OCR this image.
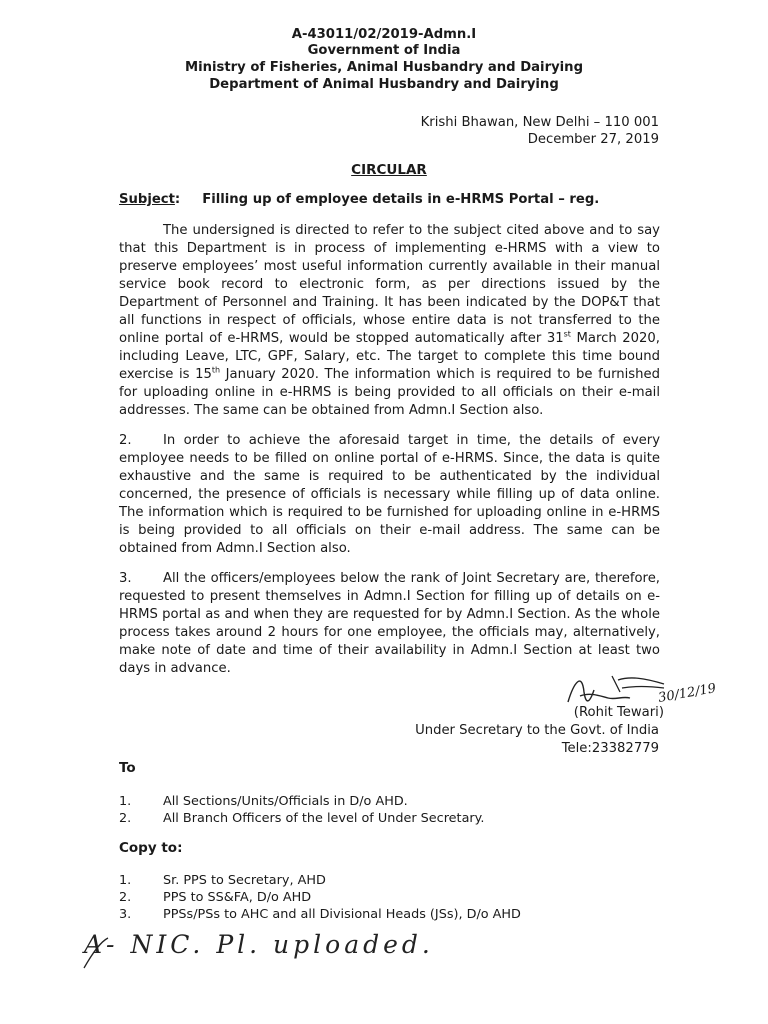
A-43011/02/2019-Admn.I
Government of India
Ministry of Fisheries, Animal Husbandry and Dairying
Department of Animal Husbandry and Dairying
Krishi Bhawan, New Delhi – 110 001
December 27, 2019
CIRCULAR
Subject: Filling up of employee details in e-HRMS Portal – reg.

The undersigned is directed to refer to the subject cited above and to say that this Department is in process of implementing e-HRMS with a view to preserve employees’ most useful information currently available in their manual service book record to electronic form, as per directions issued by the Department of Personnel and Training. It has been indicated by the DOP&T that all functions in respect of officials, whose entire data is not transferred to the online portal of e-HRMS, would be stopped automatically after 31st March 2020, including Leave, LTC, GPF, Salary, etc. The target to complete this time bound exercise is 15th January 2020. The information which is required to be furnished for uploading online in e-HRMS is being provided to all officials on their e-mail addresses. The same can be obtained from Admn.I Section also.

2. In order to achieve the aforesaid target in time, the details of every employee needs to be filled on online portal of e-HRMS. Since, the data is quite exhaustive and the same is required to be authenticated by the individual concerned, the presence of officials is necessary while filling up of data online. The information which is required to be furnished for uploading online in e-HRMS is being provided to all officials on their e-mail address. The same can be obtained from Admn.I Section also.

3. All the officers/employees below the rank of Joint Secretary are, therefore, requested to present themselves in Admn.I Section for filling up of details on e-HRMS portal as and when they are requested for by Admn.I Section. As the whole process takes around 2 hours for one employee, the officials may, alternatively, make note of date and time of their availability in Admn.I Section at least two days in advance.

30/12/19
(Rohit Tewari)
Under Secretary to the Govt. of India
Tele:23382779
To
1.	All Sections/Units/Officials in D/o AHD.
2.	All Branch Officers of the level of Under Secretary.
Copy to:
1.	Sr. PPS to Secretary, AHD
2.	PPS to SS&FA, D/o AHD
3.	PPSs/PSs to AHC and all Divisional Heads (JSs), D/o AHD
A- NIC. Pl. uploaded.
